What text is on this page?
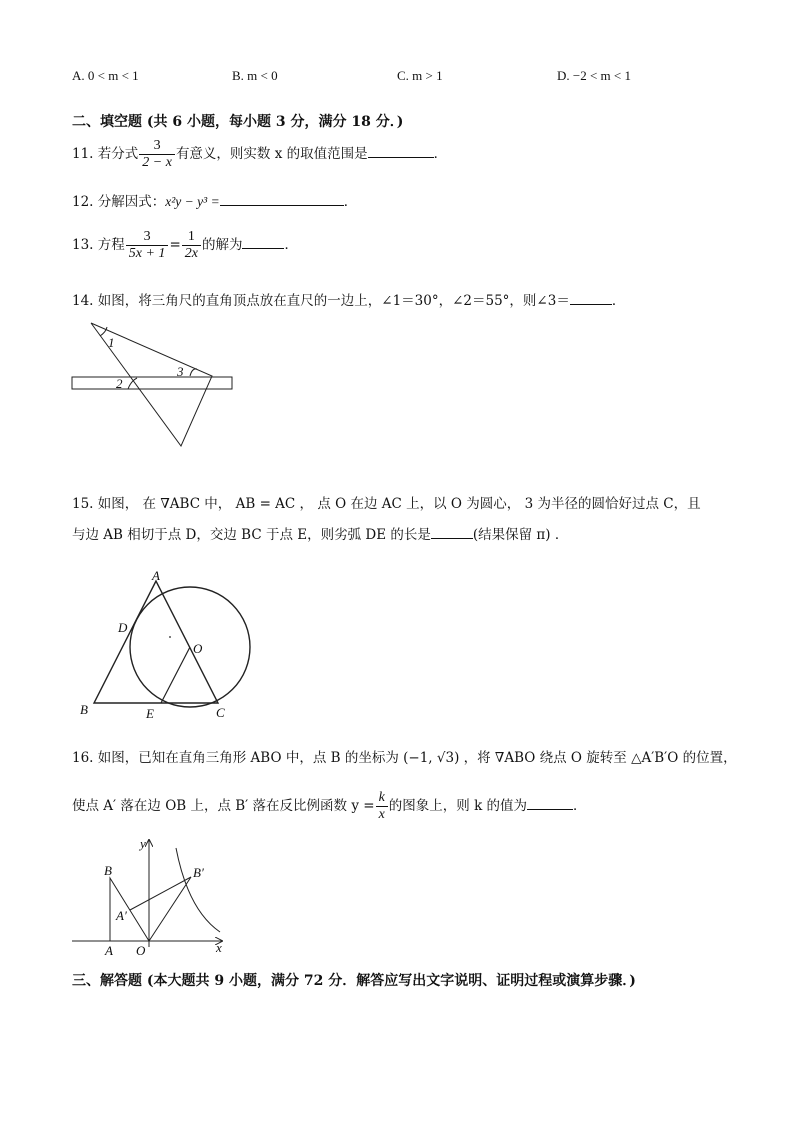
A. 0 < m < 1	B. m < 0	C. m > 1	D. −2 < m < 1
二、填空题 (共 6 小题，每小题 3 分，满分 18 分．)
11. 若分式 $\frac{3}{2 - x}$ 有意义，则实数 x 的取值范围是	．
12. 分解因式：x²y − y³ =	．
13. 方程 $\frac{3}{5x + 1} = \frac{1}{2x}$ 的解为	．
14. 如图，将三角尺的直角顶点放在直尺的一边上，∠1＝30°，∠2＝55°，则∠3＝	．
1
2
3
15. 如图， 在 ∇ABC 中， AB = AC ， 点 O 在边 AC 上，以 O 为圆心， 3 为半径的圆恰好过点 C，且
与边 AB 相切于点 D，交边 BC 于点 E，则劣弧 DE 的长是	(结果保留 π) ．
A
D
O
B	E	C
16. 如图，已知在直角三角形 ABO 中，点 B 的坐标为 (−1, √3) ，将 ∇ABO 绕点 O 旋转至 △A′B′O 的位置，
使点 A′ 落在边 OB 上，点 B′ 落在反比例函数 $y = \frac{k}{x}$ 的图象上，则 k 的值为	．
y
B	B′
A′
A O	x
三、解答题 (本大题共 9 小题，满分 72 分．解答应写出文字说明、证明过程或演算步骤．)
